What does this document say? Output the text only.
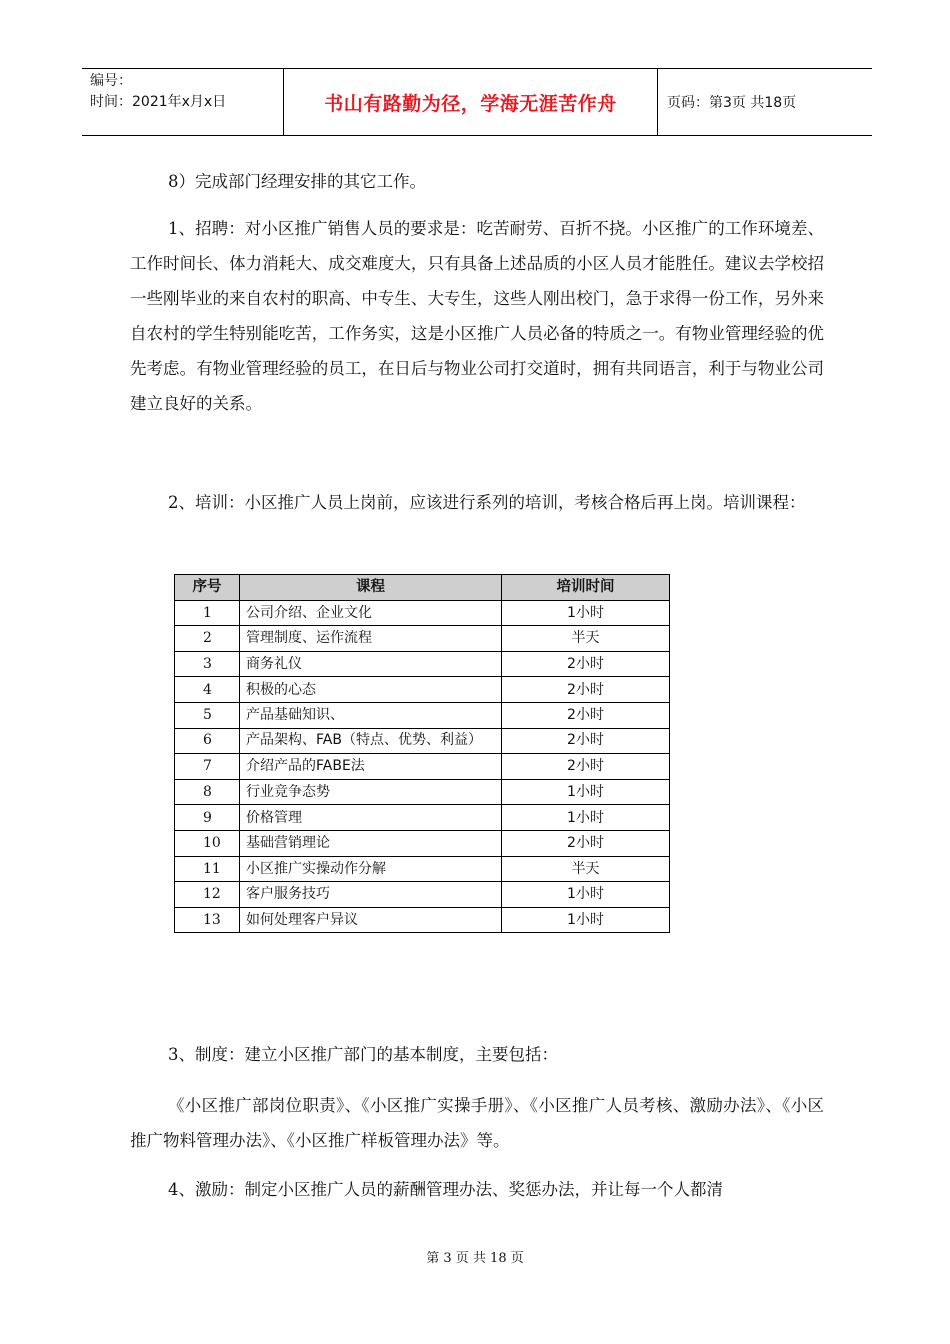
编号：
时间：2021年x月x日	书山有路勤为径，学海无涯苦作舟	页码：第3页 共18页

8）完成部门经理安排的其它工作。

1、招聘：对小区推广销售人员的要求是：吃苦耐劳、百折不挠。小区推广的工作环境差、工作时间长、体力消耗大、成交难度大，只有具备上述品质的小区人员才能胜任。建议去学校招一些刚毕业的来自农村的职高、中专生、大专生，这些人刚出校门，急于求得一份工作，另外来自农村的学生特别能吃苦，工作务实，这是小区推广人员必备的特质之一。有物业管理经验的优先考虑。有物业管理经验的员工，在日后与物业公司打交道时，拥有共同语言，利于与物业公司建立良好的关系。

2、培训：小区推广人员上岗前，应该进行系列的培训，考核合格后再上岗。培训课程：

序号	课程	培训时间
1	公司介绍、企业文化	1小时
2	管理制度、运作流程	半天
3	商务礼仪	2小时
4	积极的心态	2小时
5	产品基础知识、	2小时
6	产品架构、FAB（特点、优势、利益）	2小时
7	介绍产品的FABE法	2小时
8	行业竞争态势	1小时
9	价格管理	1小时
10	基础营销理论	2小时
11	小区推广实操动作分解	半天
12	客户服务技巧	1小时
13	如何处理客户异议	1小时

3、制度：建立小区推广部门的基本制度，主要包括：

《小区推广部岗位职责》、《小区推广实操手册》、《小区推广人员考核、激励办法》、《小区推广物料管理办法》、《小区推广样板管理办法》等。

4、激励：制定小区推广人员的薪酬管理办法、奖惩办法，并让每一个人都清

第 3 页 共 18 页
